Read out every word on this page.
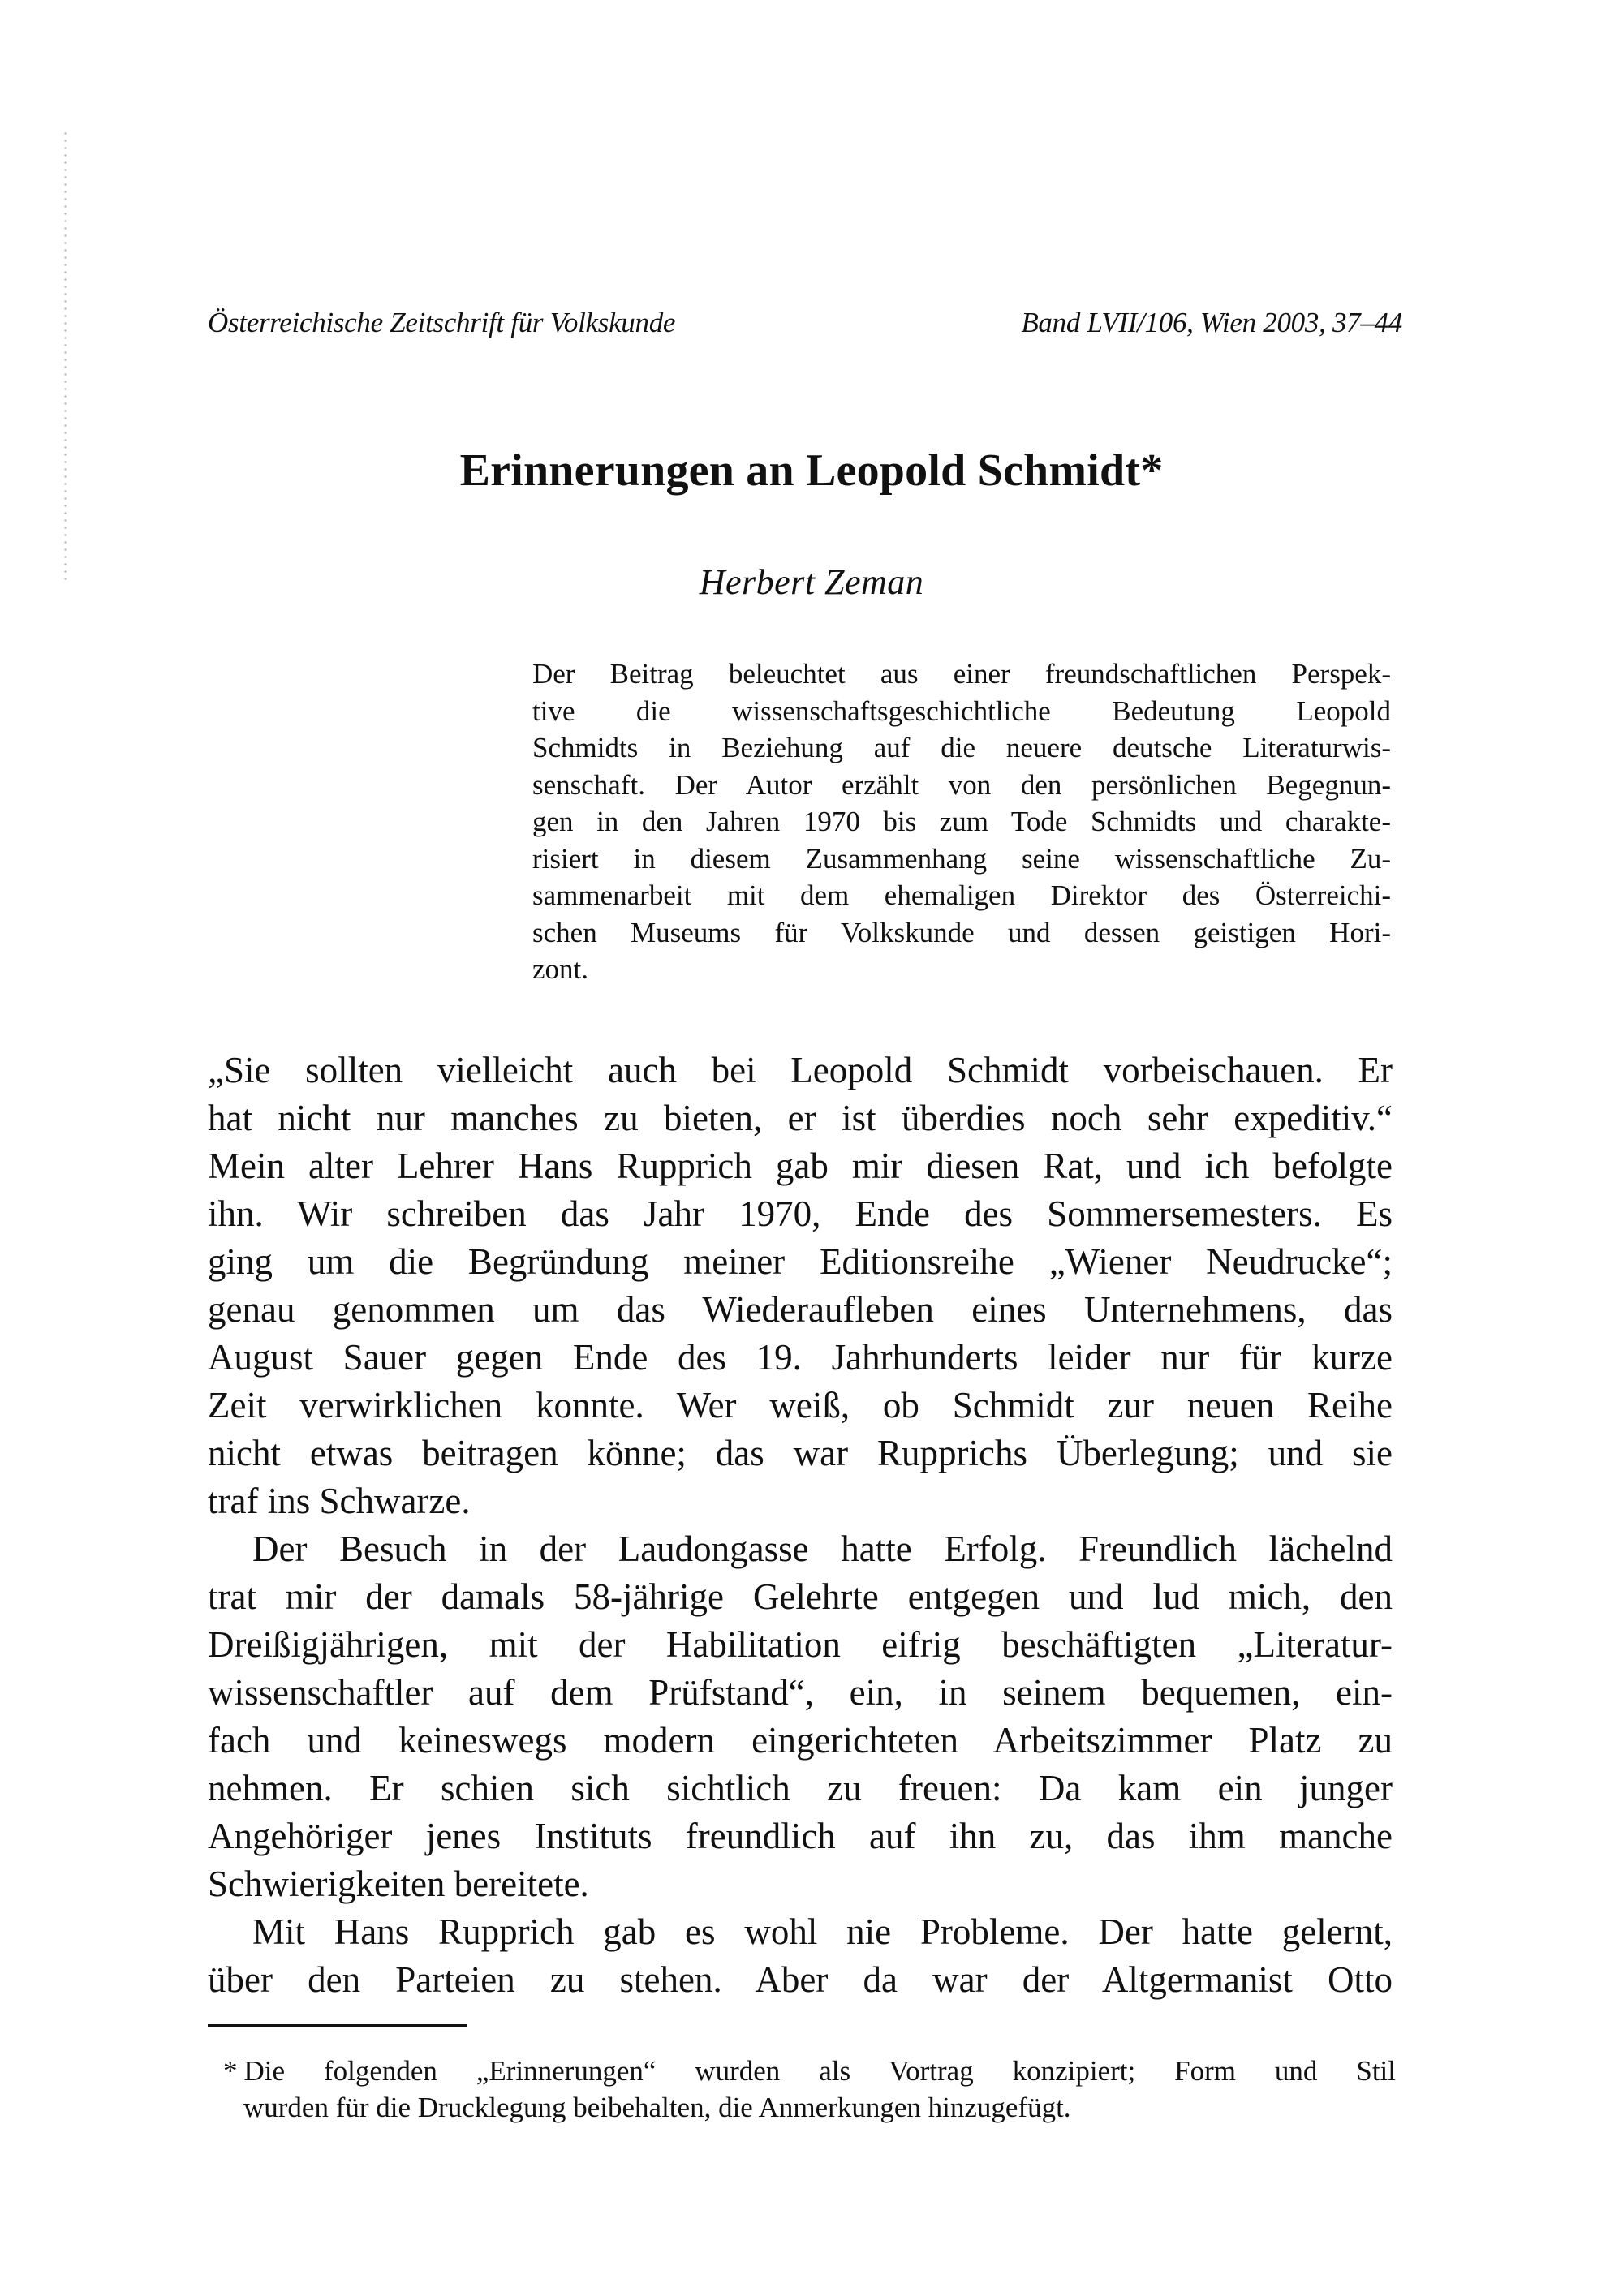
Österreichische Zeitschrift für Volkskunde	Band LVII/106, Wien 2003, 37–44
Erinnerungen an Leopold Schmidt*
Herbert Zeman
Der Beitrag beleuchtet aus einer freundschaftlichen Perspek-
tive die wissenschaftsgeschichtliche Bedeutung Leopold
Schmidts in Beziehung auf die neuere deutsche Literaturwis-
senschaft. Der Autor erzählt von den persönlichen Begegnun-
gen in den Jahren 1970 bis zum Tode Schmidts und charakte-
risiert in diesem Zusammenhang seine wissenschaftliche Zu-
sammenarbeit mit dem ehemaligen Direktor des Österreichi-
schen Museums für Volkskunde und dessen geistigen Hori-
zont.
„Sie sollten vielleicht auch bei Leopold Schmidt vorbeischauen. Er
hat nicht nur manches zu bieten, er ist überdies noch sehr expeditiv.“
Mein alter Lehrer Hans Rupprich gab mir diesen Rat, und ich befolgte
ihn. Wir schreiben das Jahr 1970, Ende des Sommersemesters. Es
ging um die Begründung meiner Editionsreihe „Wiener Neudrucke“;
genau genommen um das Wiederaufleben eines Unternehmens, das
August Sauer gegen Ende des 19. Jahrhunderts leider nur für kurze
Zeit verwirklichen konnte. Wer weiß, ob Schmidt zur neuen Reihe
nicht etwas beitragen könne; das war Rupprichs Überlegung; und sie
traf ins Schwarze.
Der Besuch in der Laudongasse hatte Erfolg. Freundlich lächelnd
trat mir der damals 58-jährige Gelehrte entgegen und lud mich, den
Dreißigjährigen, mit der Habilitation eifrig beschäftigten „Literatur-
wissenschaftler auf dem Prüfstand“, ein, in seinem bequemen, ein-
fach und keineswegs modern eingerichteten Arbeitszimmer Platz zu
nehmen. Er schien sich sichtlich zu freuen: Da kam ein junger
Angehöriger jenes Instituts freundlich auf ihn zu, das ihm manche
Schwierigkeiten bereitete.
Mit Hans Rupprich gab es wohl nie Probleme. Der hatte gelernt,
über den Parteien zu stehen. Aber da war der Altgermanist Otto
* Die folgenden „Erinnerungen“ wurden als Vortrag konzipiert; Form und Stil
wurden für die Drucklegung beibehalten, die Anmerkungen hinzugefügt.
